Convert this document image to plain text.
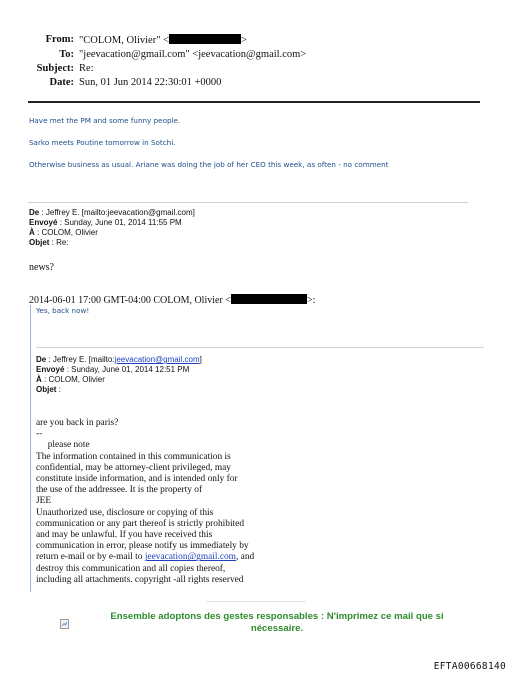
From: "COLOM, Olivier" <	>
To: "jeevacation@gmail.com" <jeevacation@gmail.com>
Subject: Re:
Date: Sun, 01 Jun 2014 22:30:01 +0000
Have met the PM and some funny people.
Sarko meets Poutine tomorrow in Sotchi.
Otherwise business as usual. Ariane was doing the job of her CEO this week, as often - no comment
De : Jeffrey E. [mailto:jeevacation@gmail.com]
Envoyé : Sunday, June 01, 2014 11:55 PM
À : COLOM, Olivier
Objet : Re:
news?
2014-06-01 17:00 GMT-04:00 COLOM, Olivier <	>:
Yes, back now!
De : Jeffrey E. [mailto:jeevacation@gmail.com]
Envoyé : Sunday, June 01, 2014 12:51 PM
À : COLOM, Olivier
Objet :
are you back in paris?
--
please note
The information contained in this communication is
confidential, may be attorney-client privileged, may
constitute inside information, and is intended only for
the use of the addressee. It is the property of
JEE
Unauthorized use, disclosure or copying of this
communication or any part thereof is strictly prohibited
and may be unlawful. If you have received this
communication in error, please notify us immediately by
return e-mail or by e-mail to jeevacation@gmail.com, and
destroy this communication and all copies thereof,
including all attachments. copyright -all rights reserved
Ensemble adoptons des gestes responsables : N'imprimez ce mail que si
nécessaire.
EFTA00668140
